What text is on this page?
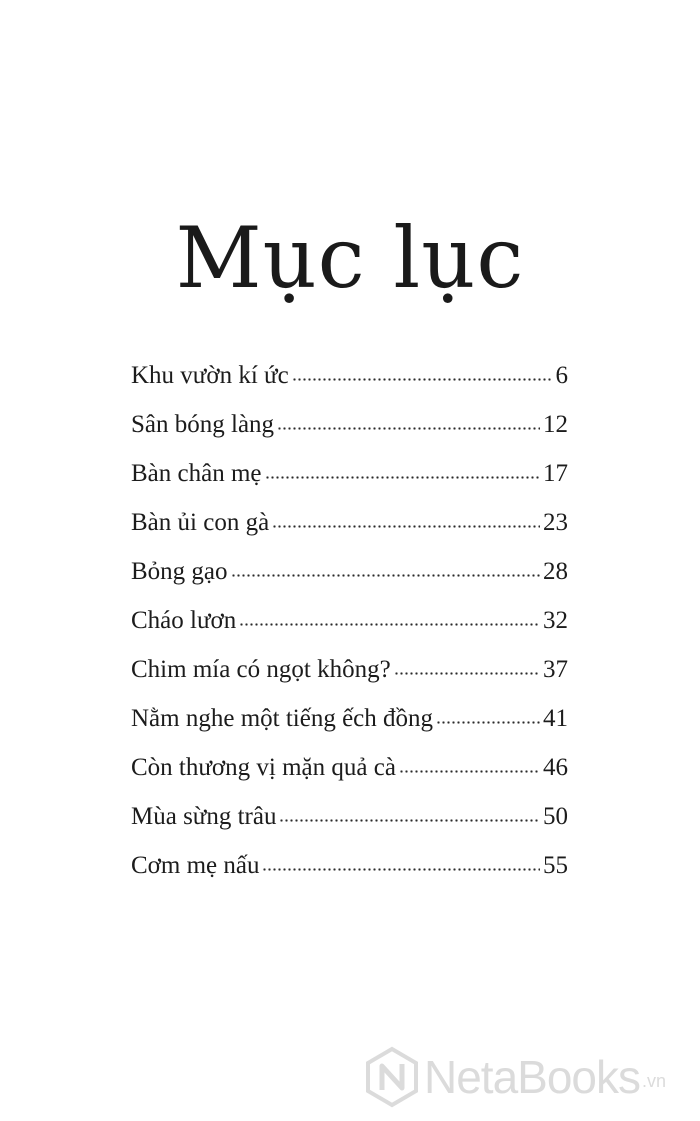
Mục lục
Khu vườn kí ức	6
Sân bóng làng	12
Bàn chân mẹ	17
Bàn ủi con gà	23
Bỏng gạo	28
Cháo lươn	32
Chim mía có ngọt không?	37
Nằm nghe một tiếng ếch đồng	41
Còn thương vị mặn quả cà	46
Mùa sừng trâu	50
Cơm mẹ nấu	55
NetaBooks .vn
